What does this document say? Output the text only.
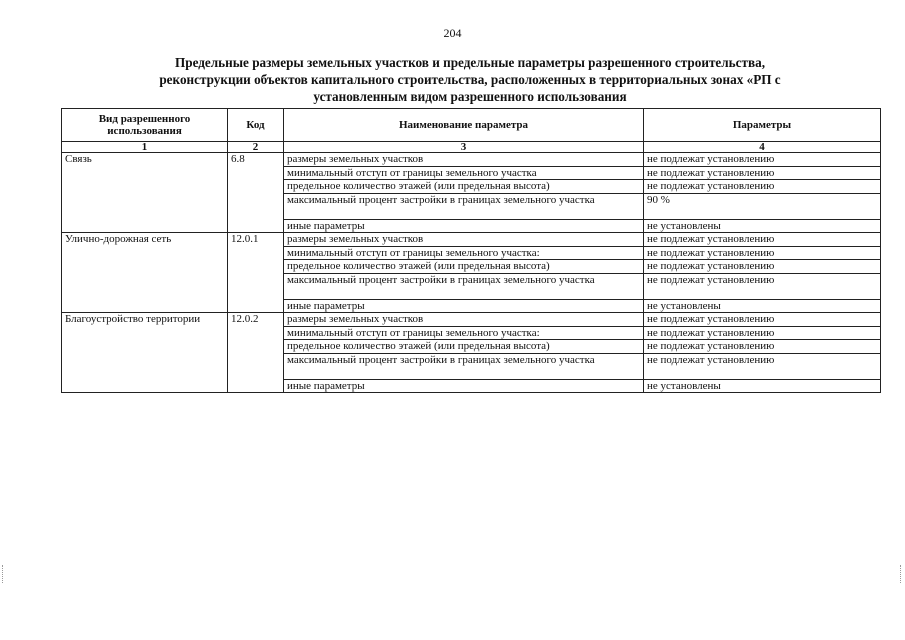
204
Предельные размеры земельных участков и предельные параметры разрешенного строительства,
реконструкции объектов капитального строительства, расположенных в территориальных зонах «РП с
установленным видом разрешенного использования
Вид разрешенного использования	Код	Наименование параметра	Параметры
1	2	3	4
Связь	6.8	размеры земельных участков	не подлежат установлению
		минимальный отступ от границы земельного участка	не подлежат установлению
		предельное количество этажей (или предельная высота)	не подлежат установлению
		максимальный процент застройки в границах земельного участка	90 %
		иные параметры	не установлены
Улично-дорожная сеть	12.0.1	размеры земельных участков	не подлежат установлению
		минимальный отступ от границы земельного участка:	не подлежат установлению
		предельное количество этажей (или предельная высота)	не подлежат установлению
		максимальный процент застройки в границах земельного участка	не подлежат установлению
		иные параметры	не установлены
Благоустройство территории	12.0.2	размеры земельных участков	не подлежат установлению
		минимальный отступ от границы земельного участка:	не подлежат установлению
		предельное количество этажей (или предельная высота)	не подлежат установлению
		максимальный процент застройки в границах земельного участка	не подлежат установлению
		иные параметры	не установлены
